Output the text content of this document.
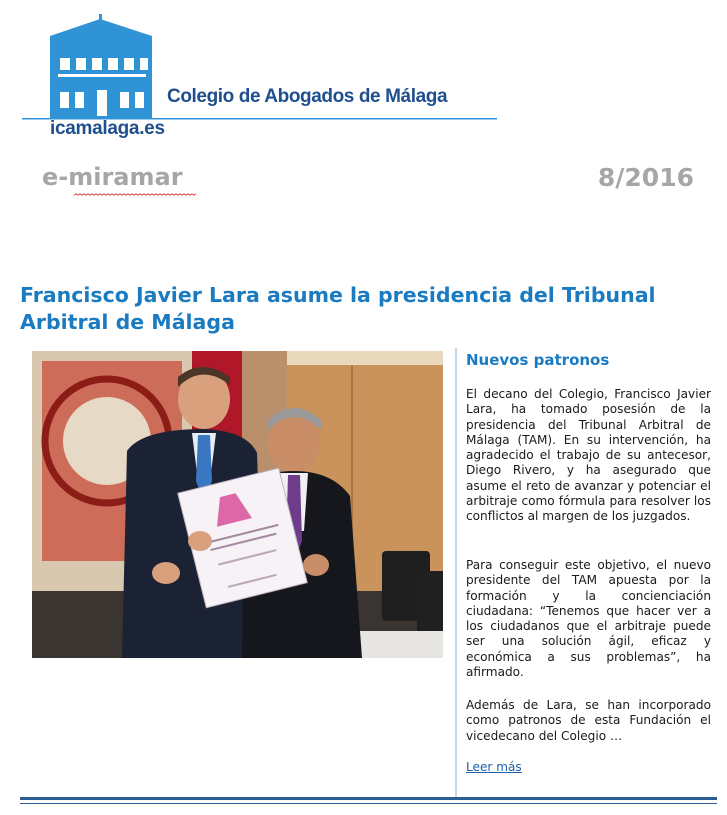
Colegio de Abogados de Málaga
icamalaga.es
e-miramar	8/2016
Francisco Javier Lara asume la presidencia del Tribunal Arbitral de Málaga
Nuevos patronos

El decano del Colegio, Francisco Javier Lara, ha tomado posesión de la presidencia del Tribunal Arbitral de Málaga (TAM). En su intervención, ha agradecido el trabajo de su antecesor, Diego Rivero, y ha asegurado que asume el reto de avanzar y potenciar el arbitraje como fórmula para resolver los conflictos al margen de los juzgados.

Para conseguir este objetivo, el nuevo presidente del TAM apuesta por la formación y la concienciación ciudadana: “Tenemos que hacer ver a los ciudadanos que el arbitraje puede ser una solución ágil, eficaz y económica a sus problemas”, ha afirmado.

Además de Lara, se han incorporado como patronos de esta Fundación el vicedecano del Colegio …

Leer más
